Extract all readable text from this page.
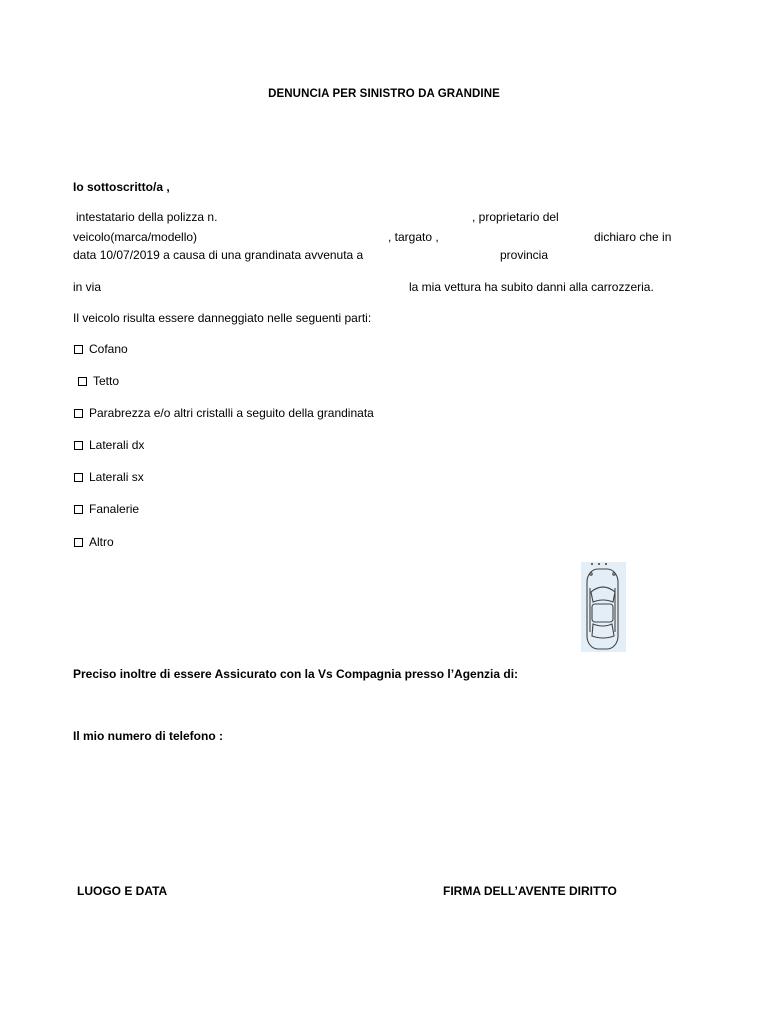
DENUNCIA PER SINISTRO DA GRANDINE
Io sottoscritto/a ,
intestatario della polizza n.	, proprietario del
veicolo(marca/modello)	, targato ,	dichiaro che in
data 10/07/2019 a causa di una grandinata avvenuta a	provincia
in via	la mia vettura ha subito danni alla carrozzeria.
Il veicolo risulta essere danneggiato nelle seguenti parti:
Cofano
Tetto
Parabrezza e/o altri cristalli a seguito della grandinata
Laterali dx
Laterali sx
Fanalerie
Altro
Preciso inoltre di essere Assicurato con la Vs Compagnia presso l’Agenzia di:
Il mio numero di telefono :
LUOGO E DATA	FIRMA DELL’AVENTE DIRITTO
